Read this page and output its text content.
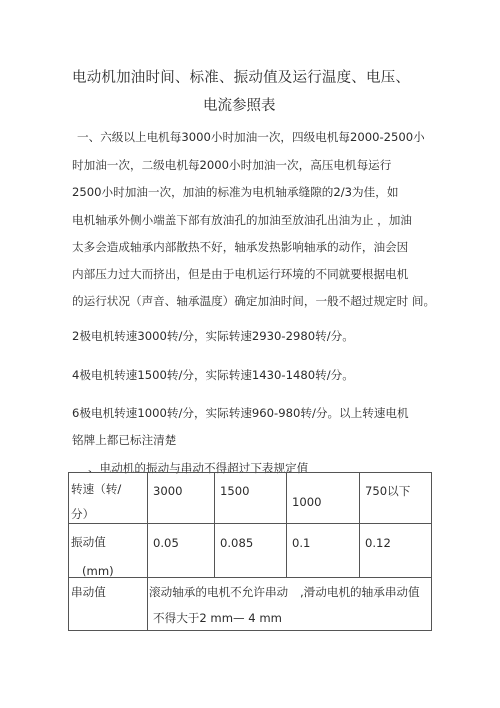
电动机加油时间、标准、振动值及运行温度、电压、
电流参照表
一、六级以上电机每3000小时加油一次，四级电机每2000-2500小
时加油一次，二级电机每2000小时加油一次，高压电机每运行
2500小时加油一次，加油的标准为电机轴承缝隙的2/3为佳，如
电机轴承外侧小端盖下部有放油孔的加油至放油孔出油为止 ，加油
太多会造成轴承内部散热不好，轴承发热影响轴承的动作，油会因
内部压力过大而挤出，但是由于电机运行环境的不同就要根据电机
的运行状况（声音、轴承温度）确定加油时间，一般不超过规定时 间。
2极电机转速3000转/分，实际转速2930-2980转/分。
4极电机转速1500转/分，实际转速1430-1480转/分。
6极电机转速1000转/分，实际转速960-980转/分。以上转速电机
铭牌上都已标注清楚
、电动机的振动与串动不得超过下表规定值
转速（转/
分）	3000	1500	1000	750以下

振动值
(mm)	0.05	0.085	0.1	0.12

串动值	滚动轴承的电机不允许串动 ,滑动电机的轴承串动值
不得大于2 mm— 4 mm			
